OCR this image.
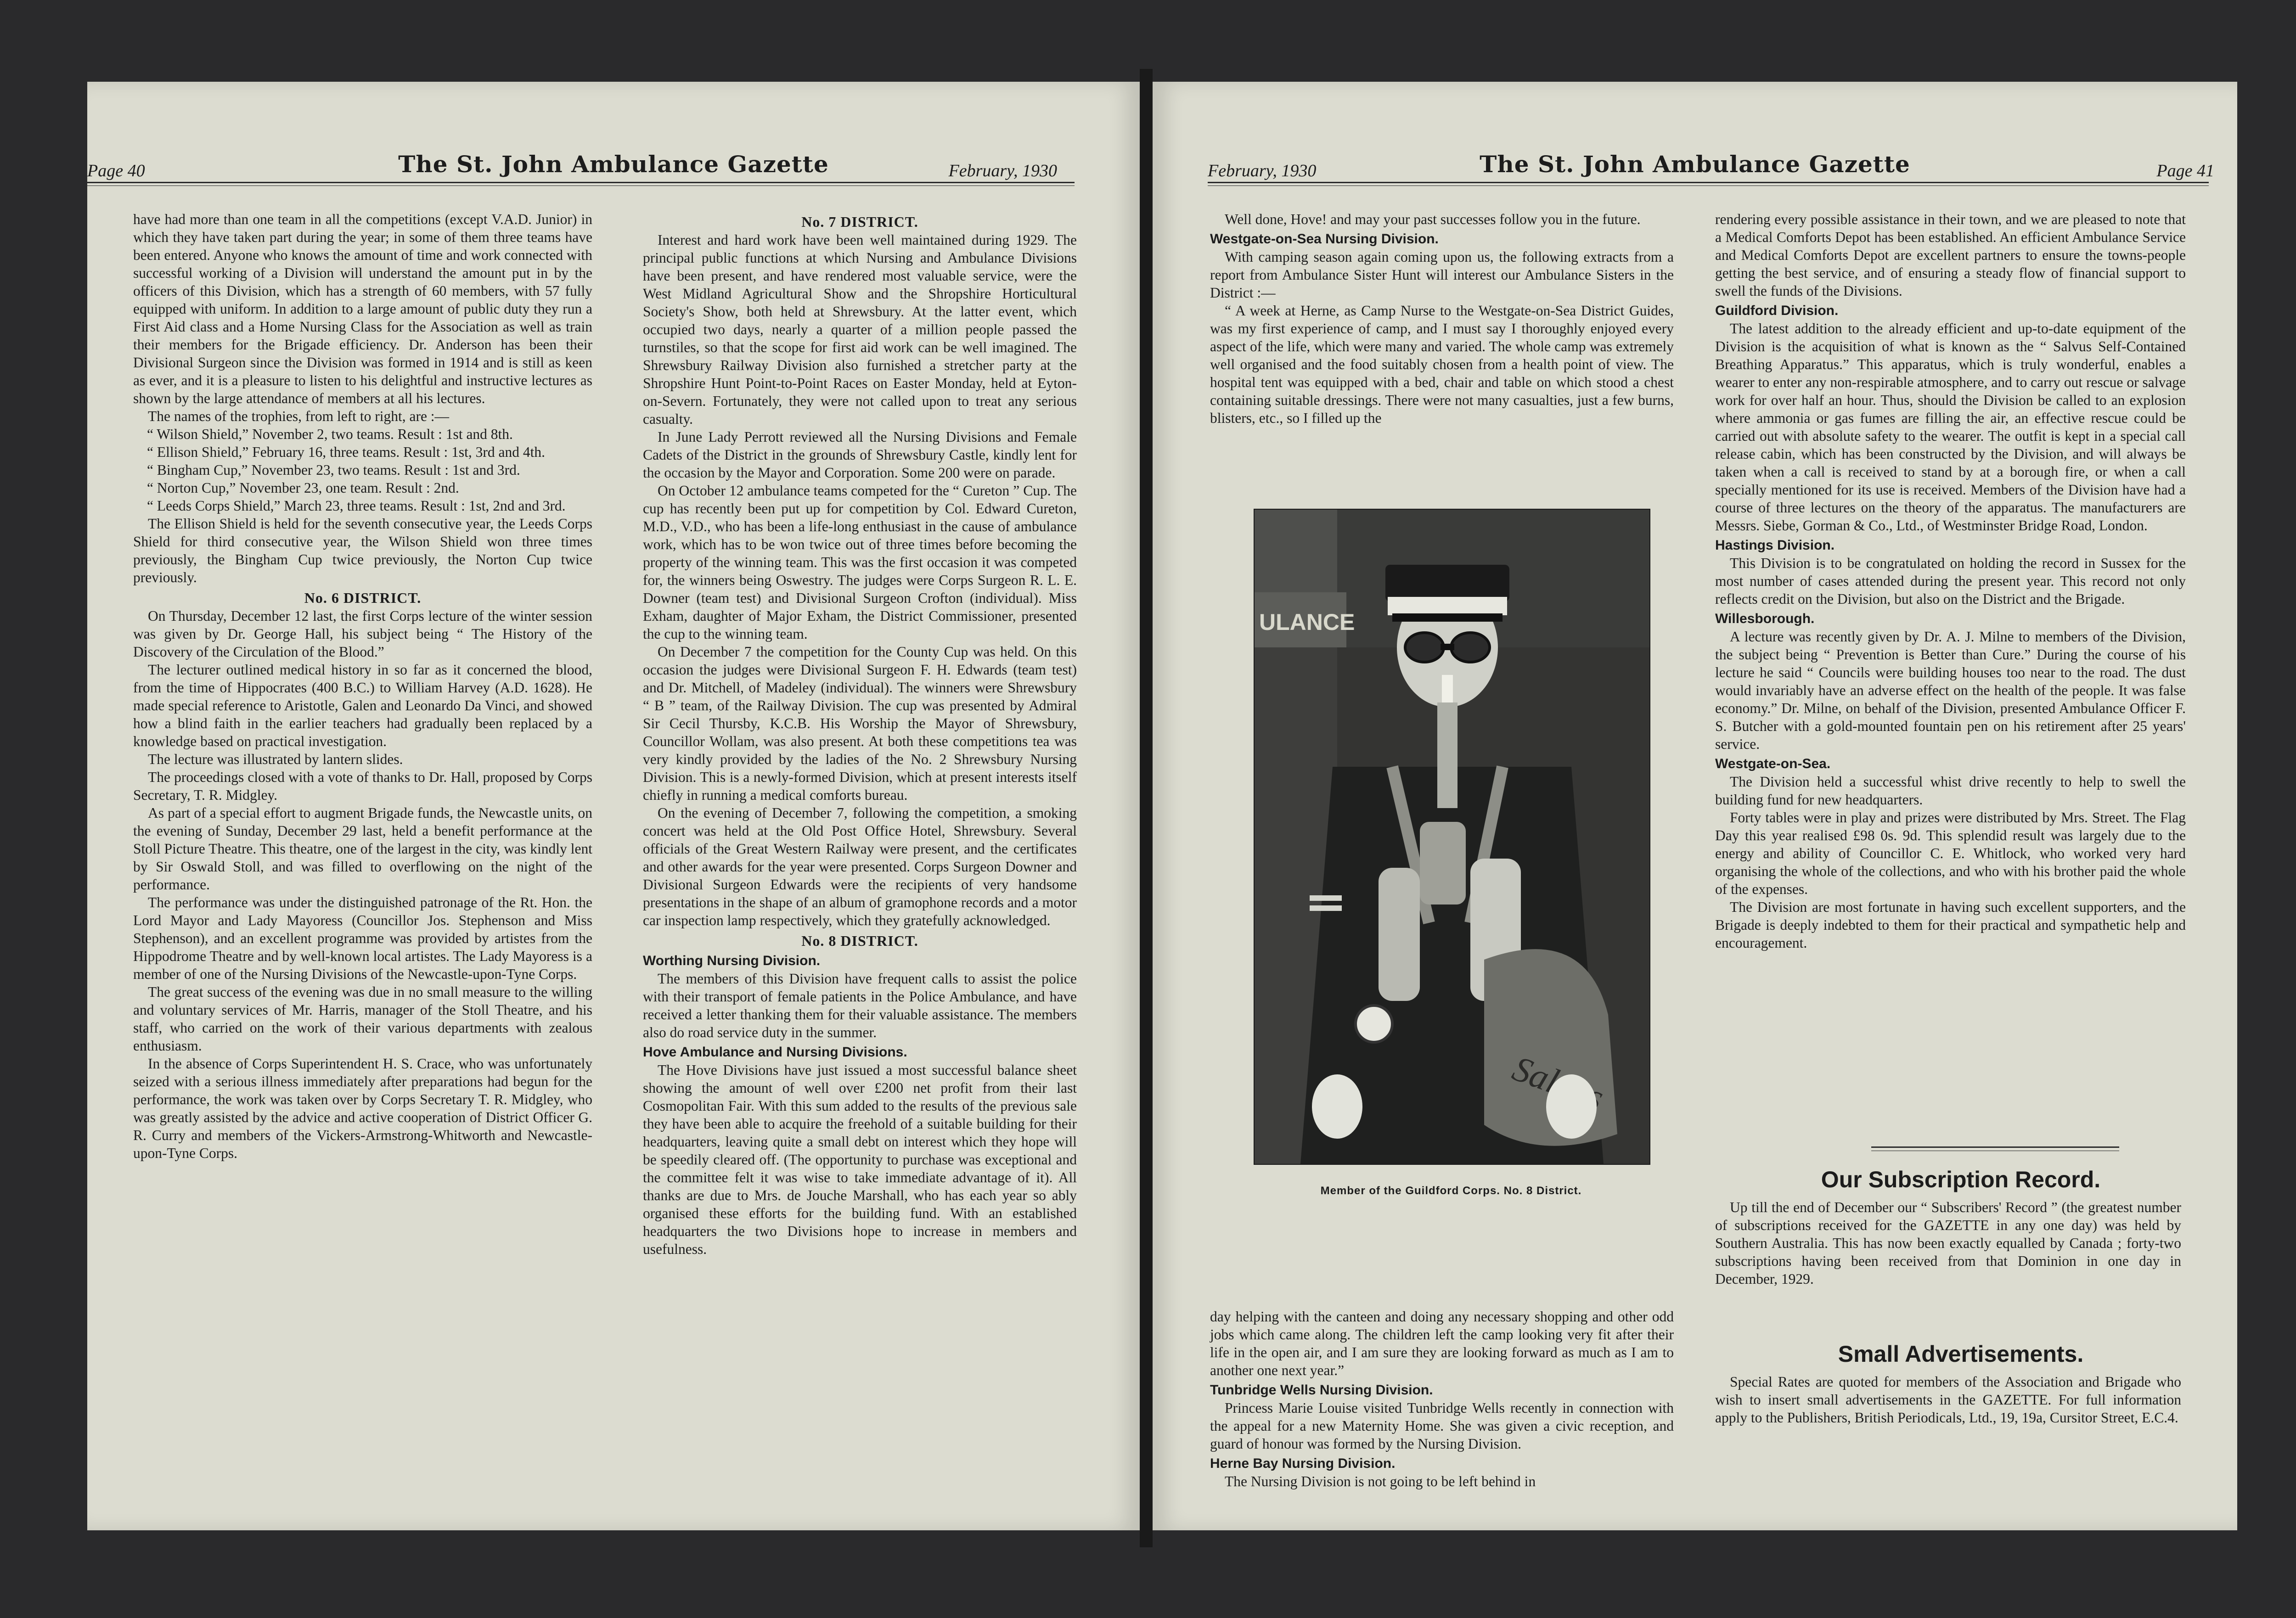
Page 40	The St. John Ambulance Gazette	February, 1930

have had more than one team in all the competitions (except V.A.D. Junior) in which they have taken part during the year; in some of them three teams have been entered. Anyone who knows the amount of time and work connected with successful working of a Division will understand the amount put in by the officers of this Division, which has a strength of 60 members, with 57 fully equipped with uniform. In addition to a large amount of public duty they run a First Aid class and a Home Nursing Class for the Association as well as train their members for the Brigade efficiency. Dr. Anderson has been their Divisional Surgeon since the Division was formed in 1914 and is still as keen as ever, and it is a pleasure to listen to his delightful and instructive lectures as shown by the large attendance of members at all his lectures.

The names of the trophies, from left to right, are :—

“ Wilson Shield,” November 2, two teams. Result : 1st and 8th.

“ Ellison Shield,” February 16, three teams. Result : 1st, 3rd and 4th.

“ Bingham Cup,” November 23, two teams. Result : 1st and 3rd.

“ Norton Cup,” November 23, one team. Result : 2nd.

“ Leeds Corps Shield,” March 23, three teams. Result : 1st, 2nd and 3rd.

The Ellison Shield is held for the seventh consecutive year, the Leeds Corps Shield for third consecutive year, the Wilson Shield won three times previously, the Bingham Cup twice previously, the Norton Cup twice previously.

No. 6 DISTRICT.

On Thursday, December 12 last, the first Corps lecture of the winter session was given by Dr. George Hall, his subject being “ The History of the Discovery of the Circulation of the Blood.”

The lecturer outlined medical history in so far as it concerned the blood, from the time of Hippocrates (400 B.C.) to William Harvey (A.D. 1628). He made special reference to Aristotle, Galen and Leonardo Da Vinci, and showed how a blind faith in the earlier teachers had gradually been replaced by a knowledge based on practical investigation.

The lecture was illustrated by lantern slides.

The proceedings closed with a vote of thanks to Dr. Hall, proposed by Corps Secretary, T. R. Midgley.

As part of a special effort to augment Brigade funds, the Newcastle units, on the evening of Sunday, December 29 last, held a benefit performance at the Stoll Picture Theatre. This theatre, one of the largest in the city, was kindly lent by Sir Oswald Stoll, and was filled to overflowing on the night of the performance.

The performance was under the distinguished patronage of the Rt. Hon. the Lord Mayor and Lady Mayoress (Councillor Jos. Stephenson and Miss Stephenson), and an excellent programme was provided by artistes from the Hippodrome Theatre and by well-known local artistes. The Lady Mayoress is a member of one of the Nursing Divisions of the Newcastle-upon-Tyne Corps.

The great success of the evening was due in no small measure to the willing and voluntary services of Mr. Harris, manager of the Stoll Theatre, and his staff, who carried on the work of their various departments with zealous enthusiasm.

In the absence of Corps Superintendent H. S. Crace, who was unfortunately seized with a serious illness immediately after preparations had begun for the performance, the work was taken over by Corps Secretary T. R. Midgley, who was greatly assisted by the advice and active cooperation of District Officer G. R. Curry and members of the Vickers-Armstrong-Whitworth and Newcastle-upon-Tyne Corps.

No. 7 DISTRICT.

Interest and hard work have been well maintained during 1929. The principal public functions at which Nursing and Ambulance Divisions have been present, and have rendered most valuable service, were the West Midland Agricultural Show and the Shropshire Horticultural Society's Show, both held at Shrewsbury. At the latter event, which occupied two days, nearly a quarter of a million people passed the turnstiles, so that the scope for first aid work can be well imagined. The Shrewsbury Railway Division also furnished a stretcher party at the Shropshire Hunt Point-to-Point Races on Easter Monday, held at Eyton-on-Severn. Fortunately, they were not called upon to treat any serious casualty.

In June Lady Perrott reviewed all the Nursing Divisions and Female Cadets of the District in the grounds of Shrewsbury Castle, kindly lent for the occasion by the Mayor and Corporation. Some 200 were on parade.

On October 12 ambulance teams competed for the “ Cureton ” Cup. The cup has recently been put up for competition by Col. Edward Cureton, M.D., V.D., who has been a life-long enthusiast in the cause of ambulance work, which has to be won twice out of three times before becoming the property of the winning team. This was the first occasion it was competed for, the winners being Oswestry. The judges were Corps Surgeon R. L. E. Downer (team test) and Divisional Surgeon Crofton (individual). Miss Exham, daughter of Major Exham, the District Commissioner, presented the cup to the winning team.

On December 7 the competition for the County Cup was held. On this occasion the judges were Divisional Surgeon F. H. Edwards (team test) and Dr. Mitchell, of Madeley (individual). The winners were Shrewsbury “ B ” team, of the Railway Division. The cup was presented by Admiral Sir Cecil Thursby, K.C.B. His Worship the Mayor of Shrewsbury, Councillor Wollam, was also present. At both these competitions tea was very kindly provided by the ladies of the No. 2 Shrewsbury Nursing Division. This is a newly-formed Division, which at present interests itself chiefly in running a medical comforts bureau.

On the evening of December 7, following the competition, a smoking concert was held at the Old Post Office Hotel, Shrewsbury. Several officials of the Great Western Railway were present, and the certificates and other awards for the year were presented. Corps Surgeon Downer and Divisional Surgeon Edwards were the recipients of very handsome presentations in the shape of an album of gramophone records and a motor car inspection lamp respectively, which they gratefully acknowledged.

No. 8 DISTRICT.
Worthing Nursing Division.

The members of this Division have frequent calls to assist the police with their transport of female patients in the Police Ambulance, and have received a letter thanking them for their valuable assistance. The members also do road service duty in the summer.

Hove Ambulance and Nursing Divisions.

The Hove Divisions have just issued a most successful balance sheet showing the amount of well over £200 net profit from their last Cosmopolitan Fair. With this sum added to the results of the previous sale they have been able to acquire the freehold of a suitable building for their headquarters, leaving quite a small debt on interest which they hope will be speedily cleared off. (The opportunity to purchase was exceptional and the committee felt it was wise to take immediate advantage of it). All thanks are due to Mrs. de Jouche Marshall, who has each year so ably organised these efforts for the building fund. With an established headquarters the two Divisions hope to increase in members and usefulness.

February, 1930	The St. John Ambulance Gazette	Page 41

Well done, Hove! and may your past successes follow you in the future.

Westgate-on-Sea Nursing Division.

With camping season again coming upon us, the following extracts from a report from Ambulance Sister Hunt will interest our Ambulance Sisters in the District :—

“ A week at Herne, as Camp Nurse to the Westgate-on-Sea District Guides, was my first experience of camp, and I must say I thoroughly enjoyed every aspect of the life, which were many and varied. The whole camp was extremely well organised and the food suitably chosen from a health point of view. The hospital tent was equipped with a bed, chair and table on which stood a chest containing suitable dressings. There were not many casualties, just a few burns, blisters, etc., so I filled up the

day helping with the canteen and doing any necessary shopping and other odd jobs which came along. The children left the camp looking very fit after their life in the open air, and I am sure they are looking forward as much as I am to another one next year.”

Tunbridge Wells Nursing Division.

Princess Marie Louise visited Tunbridge Wells recently in connection with the appeal for a new Maternity Home. She was given a civic reception, and guard of honour was formed by the Nursing Division.

Herne Bay Nursing Division.

The Nursing Division is not going to be left behind in

rendering every possible assistance in their town, and we are pleased to note that a Medical Comforts Depot has been established. An efficient Ambulance Service and Medical Comforts Depot are excellent partners to ensure the towns-people getting the best service, and of ensuring a steady flow of financial support to swell the funds of the Divisions.

Guildford Division.

The latest addition to the already efficient and up-to-date equipment of the Division is the acquisition of what is known as the “ Salvus Self-Contained Breathing Apparatus.” This apparatus, which is truly wonderful, enables a wearer to enter any non-respirable atmosphere, and to carry out rescue or salvage work for over half an hour. Thus, should the Division be called to an explosion where ammonia or gas fumes are filling the air, an effective rescue could be carried out with absolute safety to the wearer. The outfit is kept in a special call release cabin, which has been constructed by the Division, and will always be taken when a call is received to stand by at a borough fire, or when a call specially mentioned for its use is received. Members of the Division have had a course of three lectures on the theory of the apparatus. The manufacturers are Messrs. Siebe, Gorman & Co., Ltd., of Westminster Bridge Road, London.

Hastings Division.

This Division is to be congratulated on holding the record in Sussex for the most number of cases attended during the present year. This record not only reflects credit on the Division, but also on the District and the Brigade.

Willesborough.

A lecture was recently given by Dr. A. J. Milne to members of the Division, the subject being “ Prevention is Better than Cure.” During the course of his lecture he said “ Councils were building houses too near to the road. The dust would invariably have an adverse effect on the health of the people. It was false economy.” Dr. Milne, on behalf of the Division, presented Ambulance Officer F. S. Butcher with a gold-mounted fountain pen on his retirement after 25 years' service.

Westgate-on-Sea.

The Division held a successful whist drive recently to help to swell the building fund for new headquarters.

Forty tables were in play and prizes were distributed by Mrs. Street. The Flag Day this year realised £98 0s. 9d. This splendid result was largely due to the energy and ability of Councillor C. E. Whitlock, who worked very hard organising the whole of the collections, and who with his brother paid the whole of the expenses.

The Division are most fortunate in having such excellent supporters, and the Brigade is deeply indebted to them for their practical and sympathetic help and encouragement.

ULANCE
Member of the Guildford Corps. No. 8 District.	Our Subscription Record.

Up till the end of December our “ Subscribers' Record ” (the greatest number of subscriptions received for the GAZETTE in any one day) was held by Southern Australia. This has now been exactly equalled by Canada ; forty-two subscriptions having been received from that Dominion in one day in December, 1929.

Small Advertisements.

Special Rates are quoted for members of the Association and Brigade who wish to insert small advertisements in the GAZETTE. For full information apply to the Publishers, British Periodicals, Ltd., 19, 19a, Cursitor Street, E.C.4.
